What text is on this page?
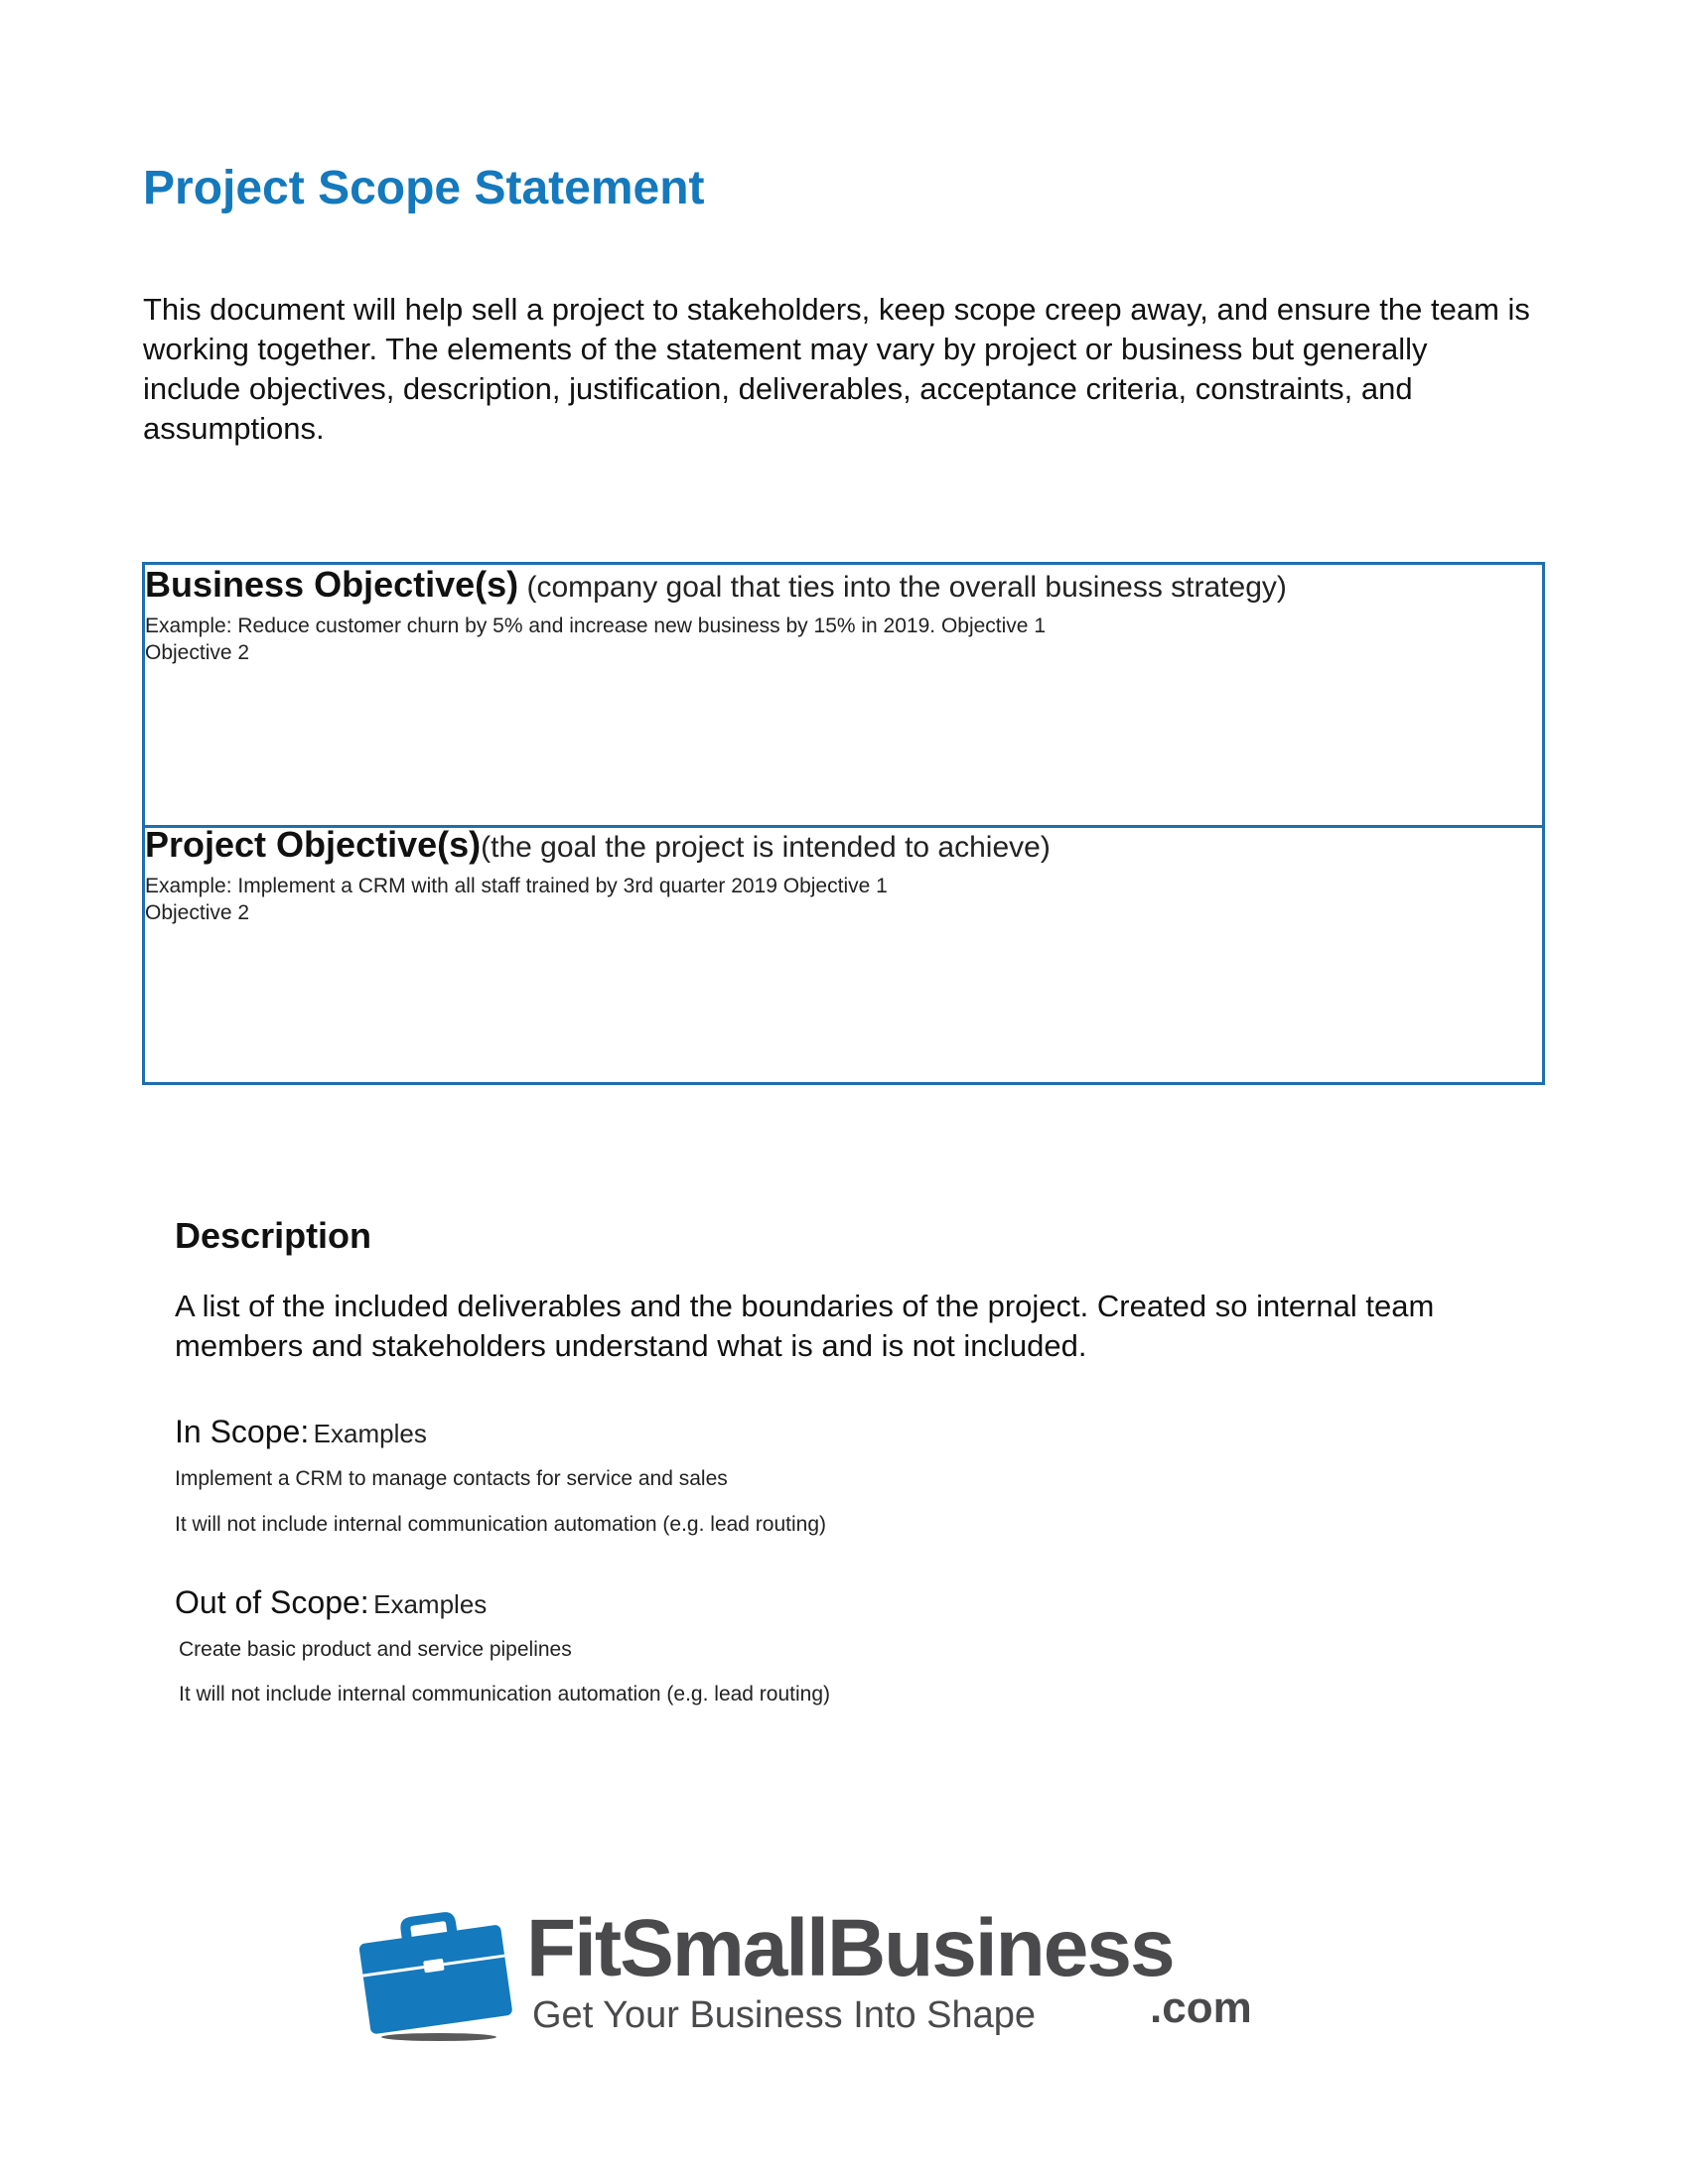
Project Scope Statement

This document will help sell a project to stakeholders, keep scope creep away, and ensure the team is working together. The elements of the statement may vary by project or business but generally include objectives, description, justification, deliverables, acceptance criteria, constraints, and assumptions.

Business Objective(s) (company goal that ties into the overall business strategy)

Example: Reduce customer churn by 5% and increase new business by 15% in 2019. Objective 1
Objective 2

Project Objective(s)(the goal the project is intended to achieve)

Example: Implement a CRM with all staff trained by 3rd quarter 2019 Objective 1
Objective 2
Description

A list of the included deliverables and the boundaries of the project. Created so internal team members and stakeholders understand what is and is not included.

In Scope: Examples

Implement a CRM to manage contacts for service and sales

It will not include internal communication automation (e.g. lead routing)

Out of Scope: Examples

Create basic product and service pipelines

It will not include internal communication automation (e.g. lead routing)

FitSmallBusiness

Get Your Business Into Shape	.com
